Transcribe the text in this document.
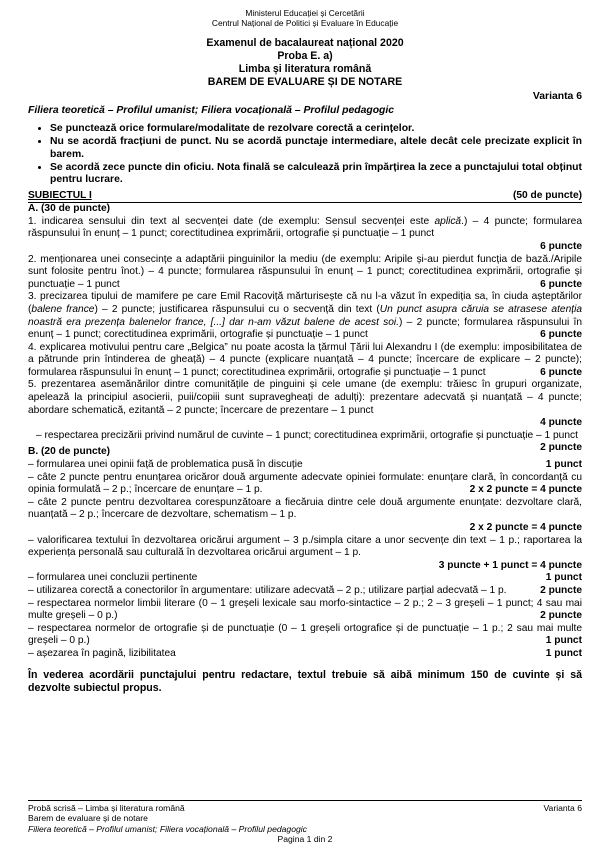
Ministerul Educației și Cercetării
Centrul Național de Politici și Evaluare în Educație
Examenul de bacalaureat național 2020
Proba E. a)
Limba și literatura română
BAREM DE EVALUARE ȘI DE NOTARE
Varianta 6
Filiera teoretică – Profilul umanist; Filiera vocațională – Profilul pedagogic
• Se punctează orice formulare/modalitate de rezolvare corectă a cerințelor.
• Nu se acordă fracțiuni de punct. Nu se acordă punctaje intermediare, altele decât cele precizate explicit în barem.
• Se acordă zece puncte din oficiu. Nota finală se calculează prin împărțirea la zece a punctajului total obținut pentru lucrare.
SUBIECTUL I	(50 de puncte)
A. (30 de puncte)
1. indicarea sensului din text al secvenței date (de exemplu: Sensul secvenței este aplică.) – 4 puncte; formularea răspunsului în enunț – 1 punct; corectitudinea exprimării, ortografie și punctuație – 1 punct
6 puncte
2. menționarea unei consecințe a adaptării pinguinilor la mediu (de exemplu: Aripile și-au pierdut funcția de bază./Aripile sunt folosite pentru înot.) – 4 puncte; formularea răspunsului în enunț – 1 punct; corectitudinea exprimării, ortografie și punctuație – 1 punct	6 puncte
3. precizarea tipului de mamifere pe care Emil Racoviță mărturisește că nu l-a văzut în expediția sa, în ciuda așteptărilor (balene france) – 2 puncte; justificarea răspunsului cu o secvență din text (Un punct asupra căruia se atrasese atenția noastră era prezența balenelor france, [...] dar n-am văzut balene de acest soi.) – 2 puncte; formularea răspunsului în enunț – 1 punct; corectitudinea exprimării, ortografie și punctuație – 1 punct	6 puncte
4. explicarea motivului pentru care „Belgica” nu poate acosta la țărmul Țării lui Alexandru I (de exemplu: imposibilitatea de a pătrunde prin întinderea de gheață) – 4 puncte (explicare nuanțată – 4 puncte; încercare de explicare – 2 puncte); formularea răspunsului în enunț – 1 punct; corectitudinea exprimării, ortografie și punctuație – 1 punct	6 puncte
5. prezentarea asemănărilor dintre comunitățile de pinguini și cele umane (de exemplu: trăiesc în grupuri organizate, apelează la principiul asocierii, puii/copiii sunt supravegheați de adulți): prezentare adecvată și nuanțată – 4 puncte; abordare schematică, ezitantă – 2 puncte; încercare de prezentare – 1 punct
4 puncte
– respectarea precizării privind numărul de cuvinte – 1 punct; corectitudinea exprimării, ortografie și punctuație – 1 punct
2 puncte
B. (20 de puncte)
– formularea unei opinii față de problematica pusă în discuție	1 punct
– câte 2 puncte pentru enunțarea oricăror două argumente adecvate opiniei formulate: enunțare clară, în concordanță cu opinia formulată – 2 p.; încercare de enunțare – 1 p.	2 x 2 puncte = 4 puncte
– câte 2 puncte pentru dezvoltarea corespunzătoare a fiecăruia dintre cele două argumente enunțate: dezvoltare clară, nuanțată – 2 p.; încercare de dezvoltare, schematism – 1 p.
2 x 2 puncte = 4 puncte
– valorificarea textului în dezvoltarea oricărui argument – 3 p./simpla citare a unor secvențe din text – 1 p.; raportarea la experiența personală sau culturală în dezvoltarea oricărui argument – 1 p.
3 puncte + 1 punct = 4 puncte
– formularea unei concluzii pertinente	1 punct
– utilizarea corectă a conectorilor în argumentare: utilizare adecvată – 2 p.; utilizare parțial adecvată – 1 p.	2 puncte
– respectarea normelor limbii literare (0 – 1 greșeli lexicale sau morfo-sintactice – 2 p.; 2 – 3 greșeli – 1 punct; 4 sau mai multe greșeli – 0 p.)	2 puncte
– respectarea normelor de ortografie și de punctuație (0 – 1 greșeli ortografice și de punctuație – 1 p.; 2 sau mai multe greșeli – 0 p.)	1 punct
– așezarea în pagină, lizibilitatea	1 punct
În vederea acordării punctajului pentru redactare, textul trebuie să aibă minimum 150 de cuvinte și să dezvolte subiectul propus.
Probă scrisă – Limba și literatura română	Varianta 6
Barem de evaluare și de notare
Filiera teoretică – Profilul umanist; Filiera vocațională – Profilul pedagogic
Pagina 1 din 2
